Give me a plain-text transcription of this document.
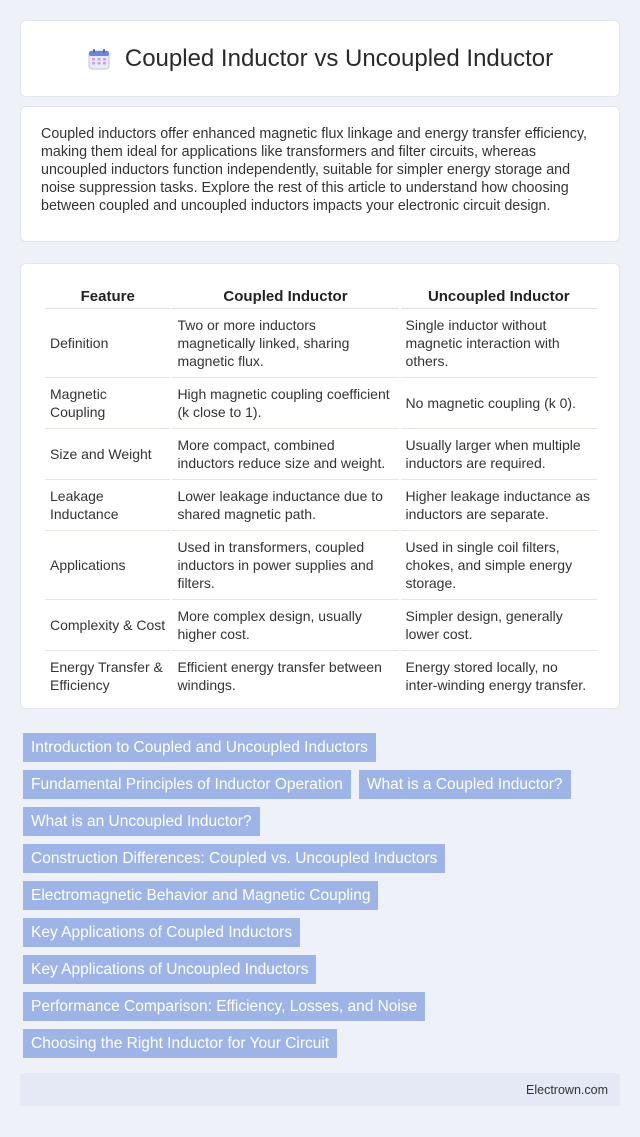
Coupled Inductor vs Uncoupled Inductor

Coupled inductors offer enhanced magnetic flux linkage and energy transfer efficiency, making them ideal for applications like transformers and filter circuits, whereas uncoupled inductors function independently, suitable for simpler energy storage and noise suppression tasks. Explore the rest of this article to understand how choosing between coupled and uncoupled inductors impacts your electronic circuit design.

Feature	Coupled Inductor	Uncoupled Inductor
Definition	Two or more inductors magnetically linked, sharing magnetic flux.	Single inductor without magnetic interaction with others.
Magnetic Coupling	High magnetic coupling coefficient (k close to 1).	No magnetic coupling (k 0).
Size and Weight	More compact, combined inductors reduce size and weight.	Usually larger when multiple inductors are required.
Leakage Inductance	Lower leakage inductance due to shared magnetic path.	Higher leakage inductance as inductors are separate.
Applications	Used in transformers, coupled inductors in power supplies and filters.	Used in single coil filters, chokes, and simple energy storage.
Complexity & Cost	More complex design, usually higher cost.	Simpler design, generally lower cost.
Energy Transfer & Efficiency	Efficient energy transfer between windings.	Energy stored locally, no inter-winding energy transfer.
Introduction to Coupled and Uncoupled Inductors
Fundamental Principles of Inductor Operation	What is a Coupled Inductor?
What is an Uncoupled Inductor?
Construction Differences: Coupled vs. Uncoupled Inductors
Electromagnetic Behavior and Magnetic Coupling
Key Applications of Coupled Inductors
Key Applications of Uncoupled Inductors
Performance Comparison: Efficiency, Losses, and Noise
Choosing the Right Inductor for Your Circuit
Electrown.com
